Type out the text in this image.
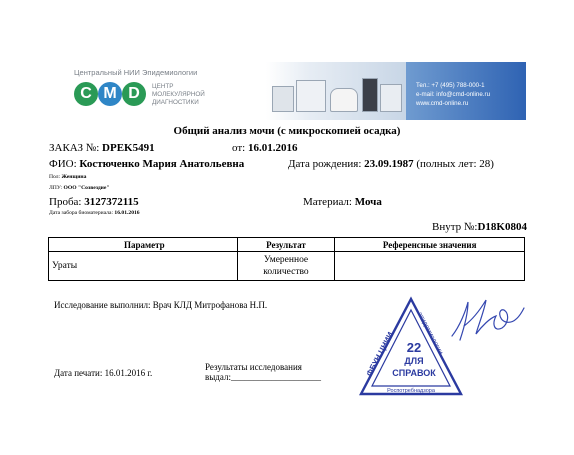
Центральный НИИ Эпидемиологии
C M D	ЦЕНТР
МОЛЕКУЛЯРНОЙ
ДИАГНОСТИКИ
Тел.: +7 (495) 788-000-1
e-mail: info@cmd-online.ru
www.cmd-online.ru
Общий анализ мочи (с микроскопией осадка)
ЗАКАЗ №: DPEK5491	от: 16.01.2016
ФИО: Костюченко Мария Анатольевна	Дата рождения: 23.09.1987 (полных лет: 28)
Пол: Женщина
ЛПУ: ООО "Созвездие"
Проба: 3127372115	Материал: Моча
Дата забора биоматериала: 16.01.2016
Внутр №:D18K0804
Параметр	Результат	Референсные значения
Ураты	Умеренное
количество	

Исследование выполнил: Врач КЛД Митрофанова Н.П.
Дата печати: 16.01.2016 г.
Результаты исследования
выдал:____________________	ФБУН ЦНИИ
эпидемиологии
22
ДЛЯ
СПРАВОК
Роспотребнадзора
